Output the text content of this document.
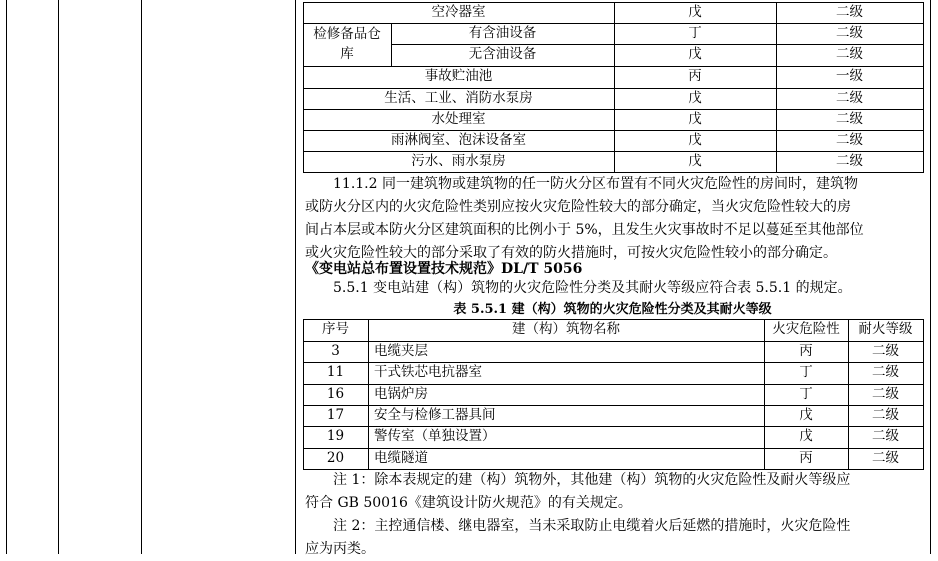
空冷器室	戊	二级
检修备品仓
库
有含油设备	丁	二级
无含油设备	戊	二级
事故贮油池	丙	一级
生活、工业、消防水泵房	戊	二级
水处理室	戊	二级
雨淋阀室、泡沫设备室	戊	二级
污水、雨水泵房	戊	二级
11.1.2 同一建筑物或建筑物的任一防火分区布置有不同火灾危险性的房间时，建筑物
或防火分区内的火灾危险性类别应按火灾危险性较大的部分确定，当火灾危险性较大的房
间占本层或本防火分区建筑面积的比例小于 5%，且发生火灾事故时不足以蔓延至其他部位
或火灾危险性较大的部分采取了有效的防火措施时，可按火灾危险性较小的部分确定。
《变电站总布置设置技术规范》DL/T 5056
5.5.1 变电站建（构）筑物的火灾危险性分类及其耐火等级应符合表 5.5.1 的规定。
表 5.5.1 建（构）筑物的火灾危险性分类及其耐火等级
序号	建（构）筑物名称	火灾危险性	耐火等级
3	电缆夹层	丙	二级
11	干式铁芯电抗器室	丁	二级
16	电锅炉房	丁	二级
17	安全与检修工器具间	戊	二级
19	警传室（单独设置）	戊	二级
20	电缆隧道	丙	二级
注 1：除本表规定的建（构）筑物外，其他建（构）筑物的火灾危险性及耐火等级应
符合 GB 50016《建筑设计防火规范》的有关规定。
注 2：主控通信楼、继电器室，当未采取防止电缆着火后延燃的措施时，火灾危险性
应为丙类。
